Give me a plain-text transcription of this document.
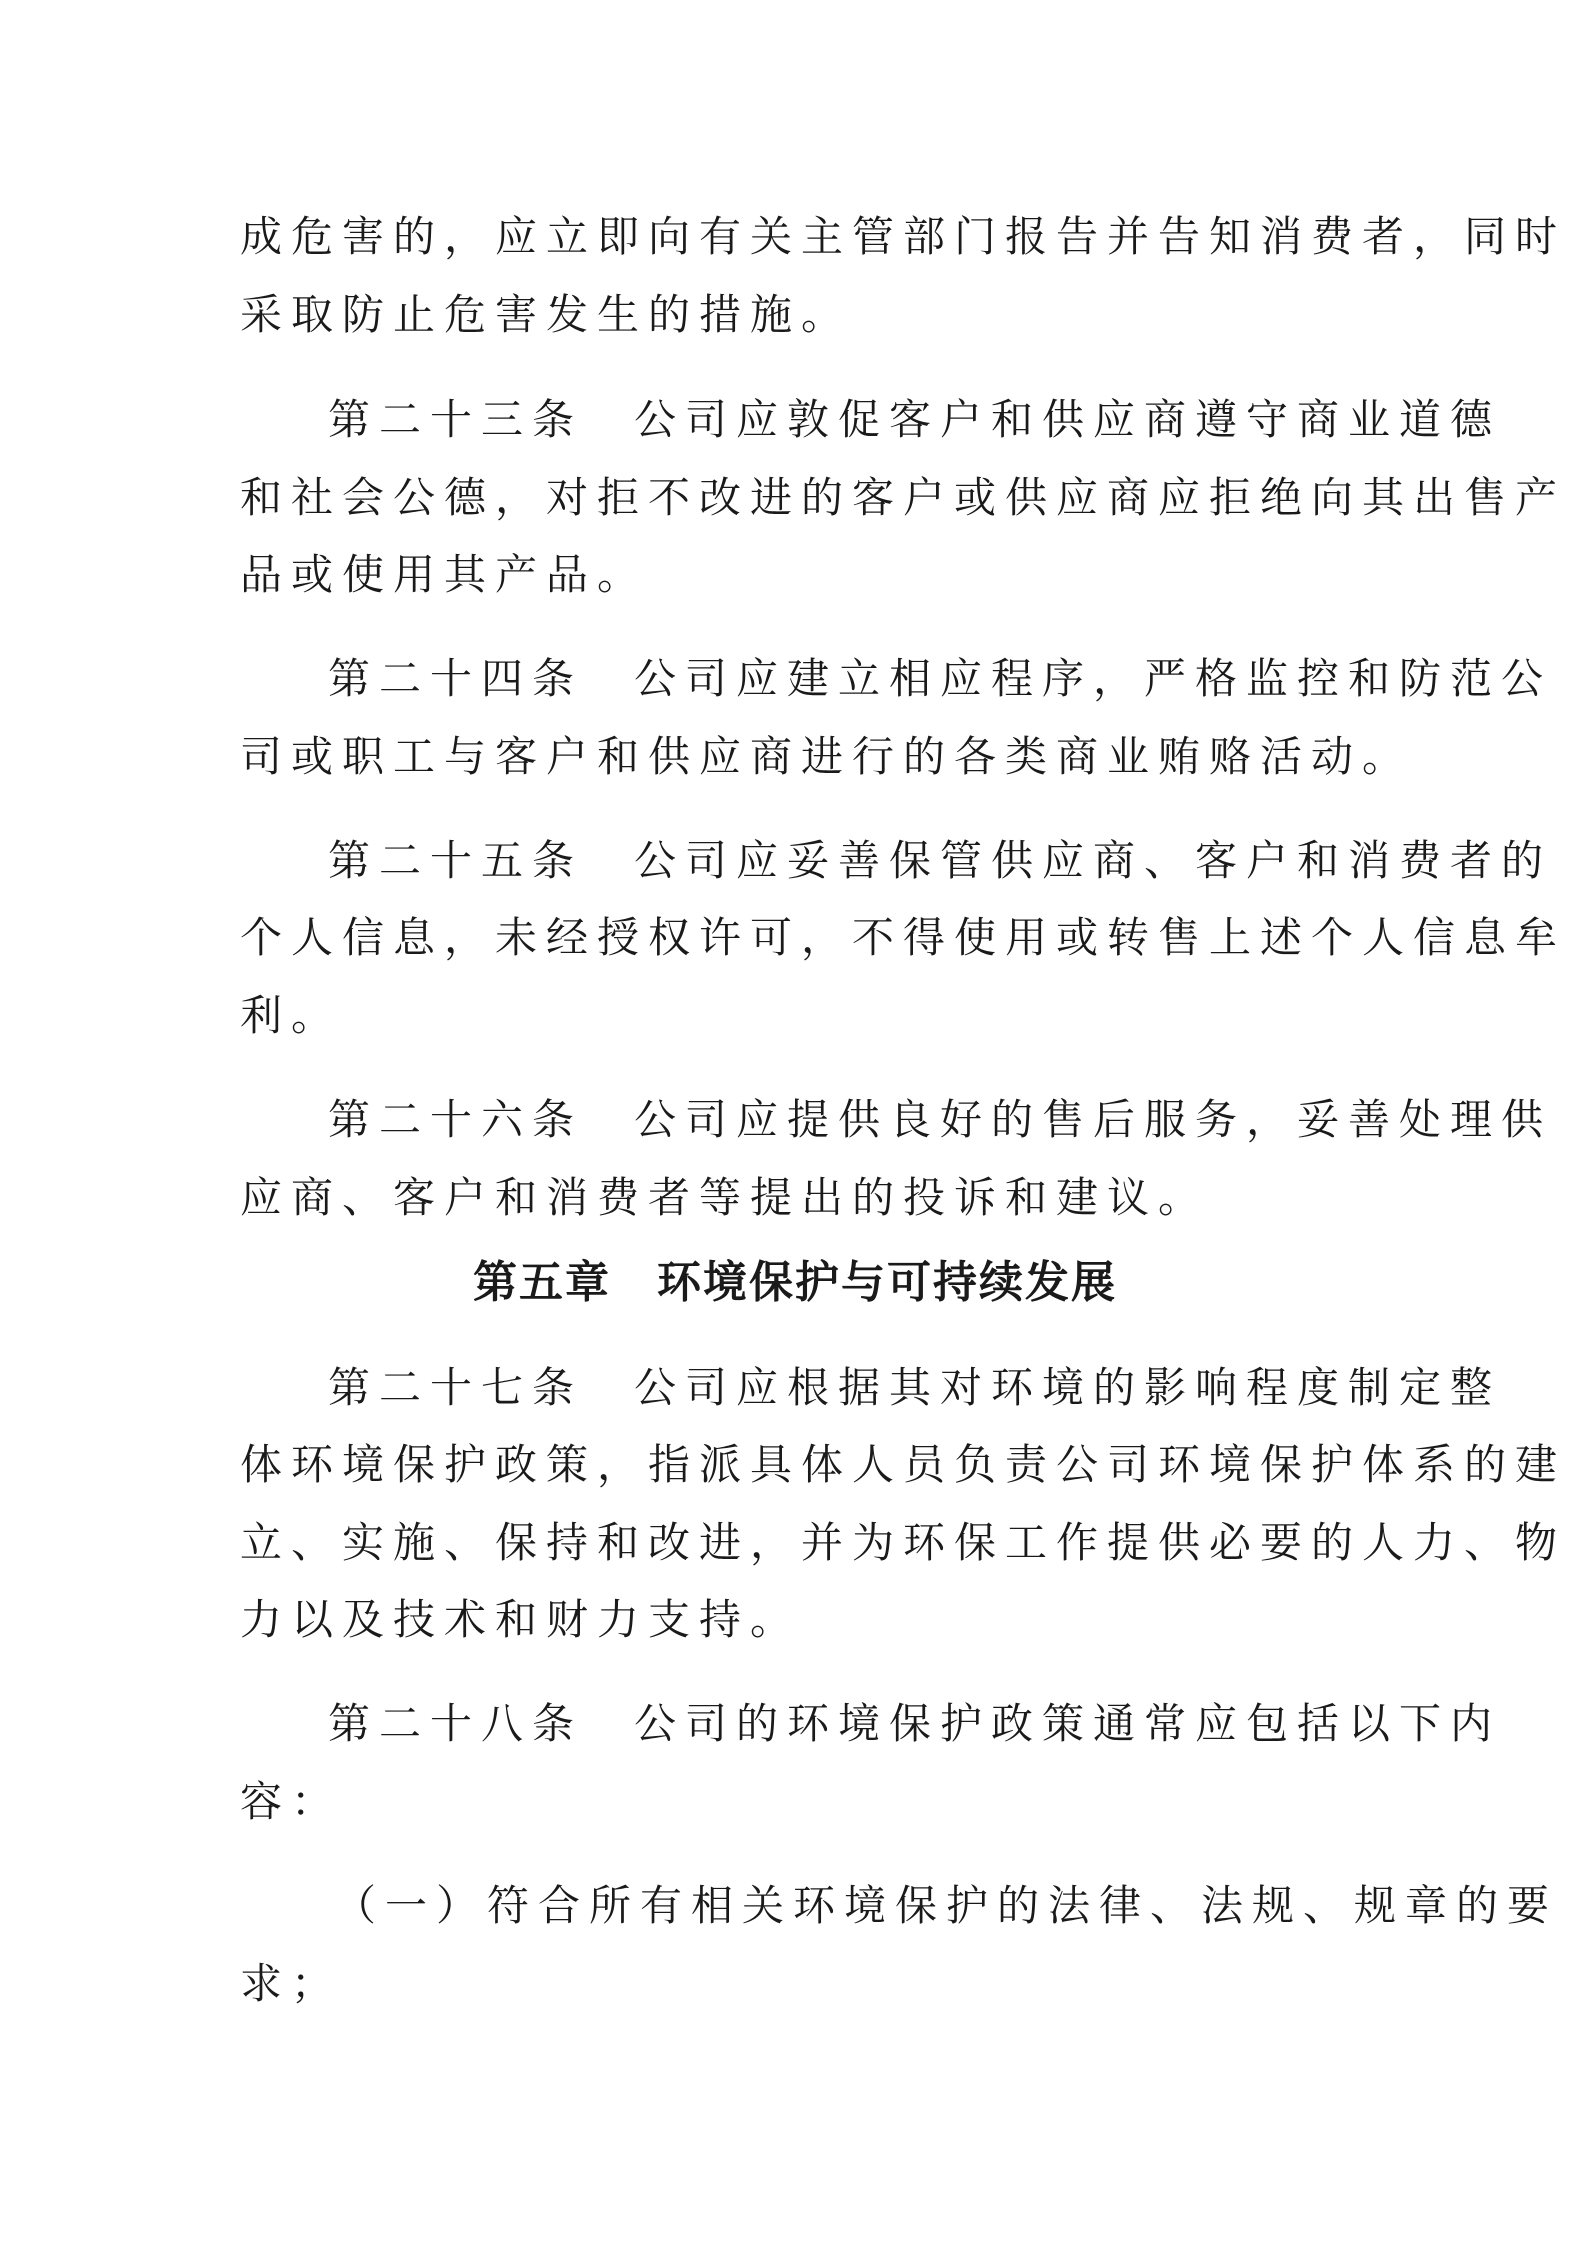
成危害的，应立即向有关主管部门报告并告知消费者，同时
采取防止危害发生的措施。
第二十三条　公司应敦促客户和供应商遵守商业道德
和社会公德，对拒不改进的客户或供应商应拒绝向其出售产
品或使用其产品。
第二十四条　公司应建立相应程序，严格监控和防范公
司或职工与客户和供应商进行的各类商业贿赂活动。
第二十五条　公司应妥善保管供应商、客户和消费者的
个人信息，未经授权许可，不得使用或转售上述个人信息牟
利。
第二十六条　公司应提供良好的售后服务，妥善处理供
应商、客户和消费者等提出的投诉和建议。
第五章　环境保护与可持续发展
第二十七条　公司应根据其对环境的影响程度制定整
体环境保护政策，指派具体人员负责公司环境保护体系的建
立、实施、保持和改进，并为环保工作提供必要的人力、物
力以及技术和财力支持。
第二十八条　公司的环境保护政策通常应包括以下内
容：
（一）符合所有相关环境保护的法律、法规、规章的要
求；
